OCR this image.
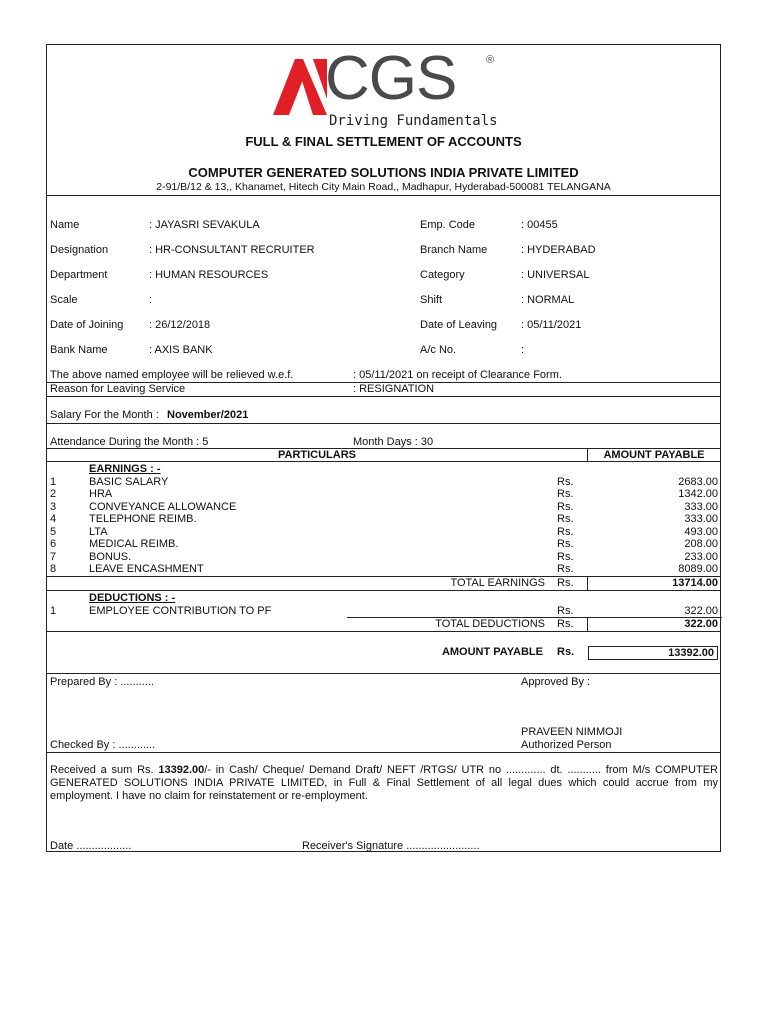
CGS	®
Driving Fundamentals
FULL & FINAL SETTLEMENT OF ACCOUNTS
COMPUTER GENERATED SOLUTIONS INDIA PRIVATE LIMITED
2-91/B/12 & 13,, Khanamet, Hitech City Main Road,, Madhapur, Hyderabad-500081 TELANGANA
Name	: JAYASRI SEVAKULA	Emp. Code	: 00455
Designation	: HR-CONSULTANT RECRUITER	Branch Name	: HYDERABAD
Department	: HUMAN RESOURCES	Category	: UNIVERSAL
Scale	:	Shift	: NORMAL
Date of Joining : 26/12/2018	Date of Leaving : 05/11/2021
Bank Name	: AXIS BANK	A/c No.	:
The above named employee will be relieved w.e.f.	: 05/11/2021 on receipt of Clearance Form.
Reason for Leaving Service	: RESIGNATION
Salary For the Month : November/2021
Attendance During the Month : 5	Month Days : 30
PARTICULARS	AMOUNT PAYABLE
EARNINGS : -
1	BASIC SALARY	Rs.	2683.00
2	HRA	Rs.	1342.00
3	CONVEYANCE ALLOWANCE	Rs.	333.00
4	TELEPHONE REIMB.	Rs.	333.00
5	LTA	Rs.	493.00
6	MEDICAL REIMB.	Rs.	208.00
7	BONUS.	Rs.	233.00
8	LEAVE ENCASHMENT	Rs.	8089.00
TOTAL EARNINGS Rs.	13714.00
DEDUCTIONS : -
1	EMPLOYEE CONTRIBUTION TO PF	Rs.	322.00
TOTAL DEDUCTIONS Rs.	322.00
AMOUNT PAYABLE Rs.	13392.00
Prepared By : ...........	Approved By :
PRAVEEN NIMMOJI
Checked By : ............	Authorized Person
Received a sum Rs. 13392.00/- in Cash/ Cheque/ Demand Draft/ NEFT /RTGS/ UTR no ............. dt. ........... from M/s COMPUTER GENERATED SOLUTIONS INDIA PRIVATE LIMITED, in Full & Final Settlement of all legal dues which could accrue from my employment. I have no claim for reinstatement or re-employment.
Date ..................	Receiver's Signature ........................
